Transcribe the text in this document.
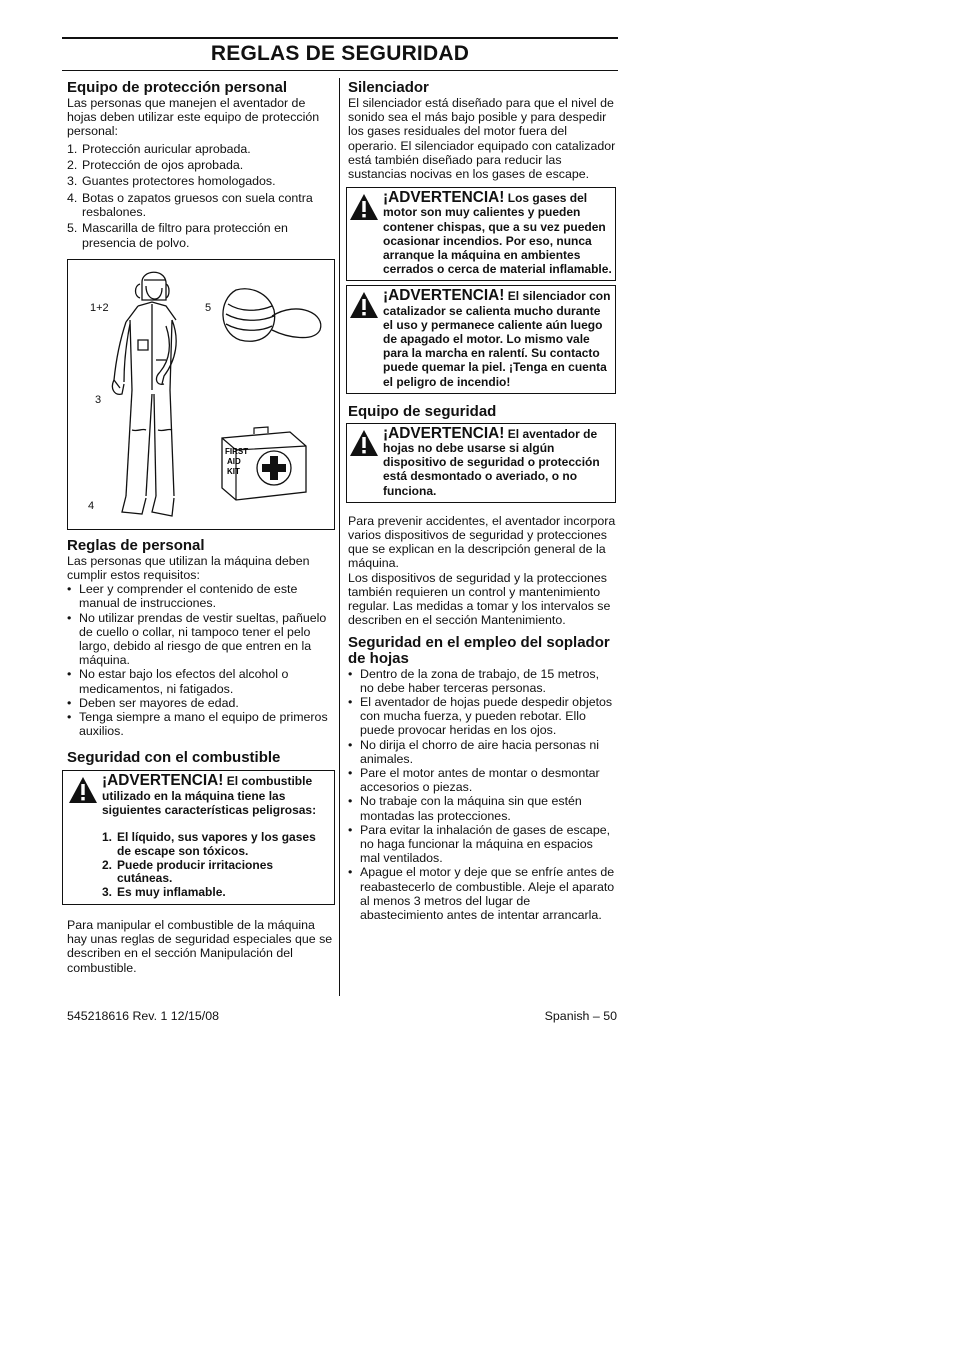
REGLAS DE SEGURIDAD
Equipo de protección personal

Las personas que manejen el aventador de hojas deben utilizar este equipo de protección personal:

1. Protección auricular aprobada.
2. Protección de ojos aprobada.
3. Guantes protectores homologados.
4. Botas o zapatos gruesos con suela contra resbalones.
5. Mascarilla de filtro para protección en presencia de polvo.
1+2	5
3
4
FIRST
AID
KIT
Reglas de personal

Las personas que utilizan la máquina deben cumplir estos requisitos:

• Leer y comprender el contenido de este manual de instrucciones.
• No utilizar prendas de vestir sueltas, pañuelo de cuello o collar, ni tampoco tener el pelo largo, debido al riesgo de que entren en la máquina.
• No estar bajo los efectos del alcohol o medicamentos, ni fatigados.
• Deben ser mayores de edad.
• Tenga siempre a mano el equipo de primeros auxilios.
Seguridad con el combustible
¡ADVERTENCIA! El combustible utilizado en la máquina tiene las siguientes características peligrosas:
1. El líquido, sus vapores y los gases de escape son tóxicos.
2. Puede producir irritaciones cutáneas.
3. Es muy inflamable.

Para manipular el combustible de la máquina hay unas reglas de seguridad especiales que se describen en el sección Manipulación del combustible.

Silenciador

El silenciador está diseñado para que el nivel de sonido sea el más bajo posible y para despedir los gases residuales del motor fuera del operario. El silenciador equipado con catalizador está también diseñado para reducir las sustancias nocivas en los gases de escape.

¡ADVERTENCIA! Los gases del motor son muy calientes y pueden contener chispas, que a su vez pueden ocasionar incendios. Por eso, nunca arranque la máquina en ambientes cerrados o cerca de material inflamable.
¡ADVERTENCIA! El silenciador con catalizador se calienta mucho durante el uso y permanece caliente aún luego de apagado el motor. Lo mismo vale para la marcha en ralentí. Su contacto puede quemar la piel. ¡Tenga en cuenta el peligro de incendio!
Equipo de seguridad
¡ADVERTENCIA! El aventador de hojas no debe usarse si algún dispositivo de seguridad o protección está desmontado o averiado, o no funciona.

Para prevenir accidentes, el aventador incorpora varios dispositivos de seguridad y protecciones que se explican en la descripción general de la máquina.

Los dispositivos de seguridad y la protecciones también requieren un control y mantenimiento regular. Las medidas a tomar y los intervalos se describen en el sección Mantenimiento.

Seguridad en el empleo del soplador de hojas
• Dentro de la zona de trabajo, de 15 metros, no debe haber terceras personas.
• El aventador de hojas puede despedir objetos con mucha fuerza, y pueden rebotar. Ello puede provocar heridas en los ojos.
• No dirija el chorro de aire hacia personas ni animales.
• Pare el motor antes de montar o desmontar accesorios o piezas.
• No trabaje con la máquina sin que estén montadas las protecciones.
• Para evitar la inhalación de gases de escape, no haga funcionar la máquina en espacios mal ventilados.
• Apague el motor y deje que se enfríe antes de reabastecerlo de combustible. Aleje el aparato al menos 3 metros del lugar de abastecimiento antes de intentar arrancarla.
545218616 Rev. 1 12/15/08	Spanish – 50
